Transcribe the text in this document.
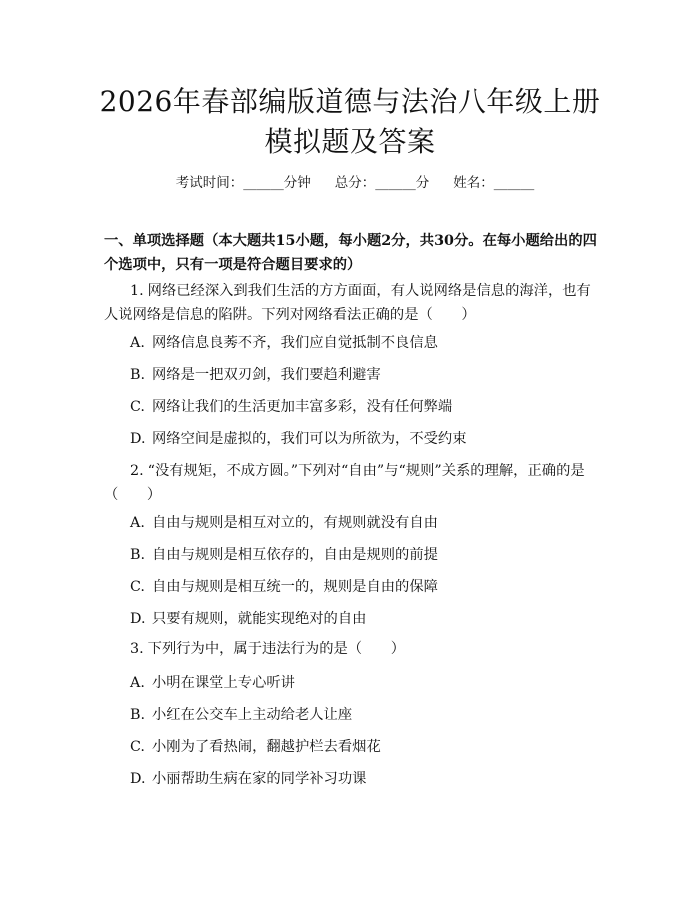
2026年春部编版道德与法治八年级上册模拟题及答案
考试时间：______分钟 总分：______分 姓名：______

一、单项选择题（本大题共15小题，每小题2分，共30分。在每小题给出的四个选项中，只有一项是符合题目要求的）

1. 网络已经深入到我们生活的方方面面，有人说网络是信息的海洋，也有人说网络是信息的陷阱。下列对网络看法正确的是（　　）

A. 网络信息良莠不齐，我们应自觉抵制不良信息

B. 网络是一把双刃剑，我们要趋利避害

C. 网络让我们的生活更加丰富多彩，没有任何弊端

D. 网络空间是虚拟的，我们可以为所欲为，不受约束

2. “没有规矩，不成方圆。”下列对“自由”与“规则”关系的理解，正确的是（　　）

A. 自由与规则是相互对立的，有规则就没有自由

B. 自由与规则是相互依存的，自由是规则的前提

C. 自由与规则是相互统一的，规则是自由的保障

D. 只要有规则，就能实现绝对的自由

3. 下列行为中，属于违法行为的是（　　）

A. 小明在课堂上专心听讲

B. 小红在公交车上主动给老人让座

C. 小刚为了看热闹，翻越护栏去看烟花

D. 小丽帮助生病在家的同学补习功课
